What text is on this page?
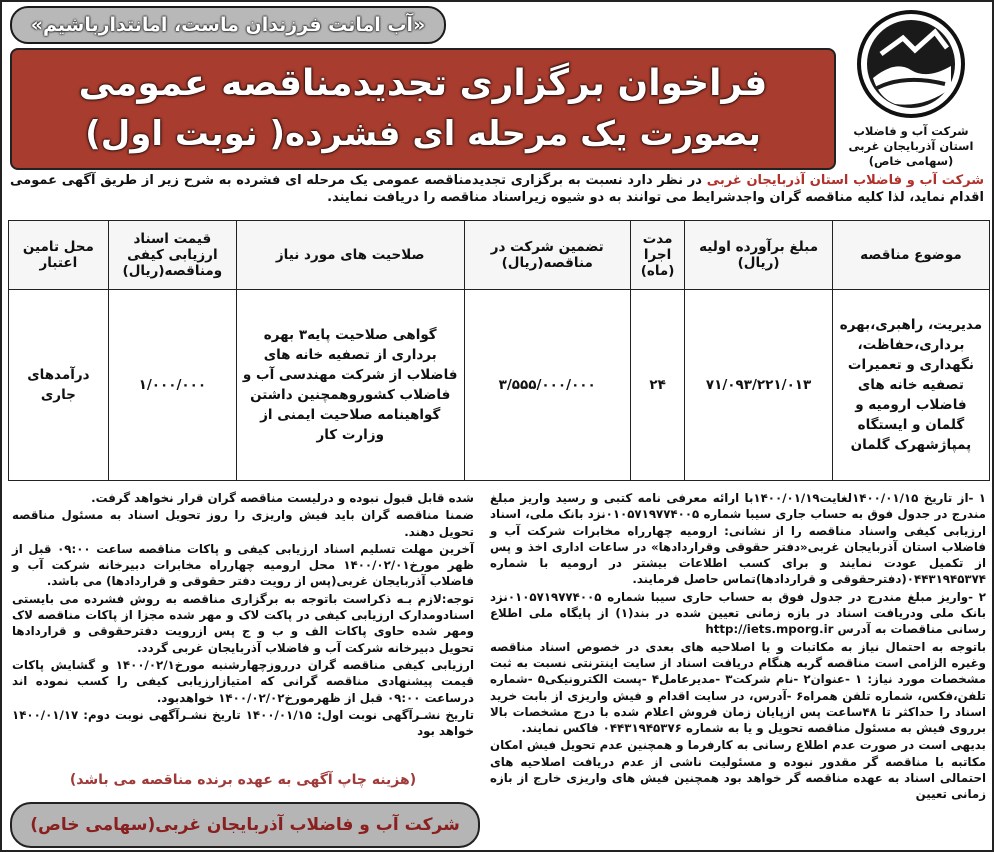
«آب امانت فرزندان ماست، امانتدارباشیم»
فراخوان برگزاری تجدیدمناقصه عمومی
بصورت یک مرحله ای فشرده( نوبت اول)	شرکت آب و فاضلاب
استان آذربایجان غربی
(سهامی خاص)
شرکت آب و فاضلاب استان آذربایجان غربی در نظر دارد نسبت به برگزاری تجدیدمناقصه عمومی یک مرحله ای فشرده به شرح زیر از طریق آگهی عمومی اقدام نماید، لذا کلیه مناقصه گران واجدشرایط می توانند به دو شیوه زیراسناد مناقصه را دریافت نمایند.
موضوع مناقصه	مبلغ برآورده اولیه (ریال)	مدت اجرا (ماه)	تضمین شرکت در مناقصه(ریال)	صلاحیت های مورد نیاز	قیمت اسناد ارزیابی کیفی ومناقصه(ریال)	محل تامین اعتبار
مدیریت، راهبری،بهره برداری،حفاظت، نگهداری و تعمیرات تصفیه خانه های فاضلاب ارومیه و گلمان و ایستگاه پمپاژشهرک گلمان	۷۱/۰۹۳/۲۲۱/۰۱۳	۲۴	۳/۵۵۵/۰۰۰/۰۰۰	گواهی صلاحیت پایه۳ بهره برداری از تصفیه خانه های فاضلاب از شرکت مهندسی آب و فاضلاب کشوروهمچنین داشتن گواهینامه صلاحیت ایمنی از وزارت کار	۱/۰۰۰/۰۰۰	درآمدهای جاری

۱ -از تاریخ ۱۴۰۰/۰۱/۱۵لغایت۱۴۰۰/۰۱/۱۹با ارائه معرفی نامه کتبی و رسید واریز مبلغ مندرج در جدول فوق به حساب جاری سیبا شماره ۰۱۰۵۷۱۹۷۷۴۰۰۵نزد بانک ملی، اسناد ارزیابی کیفی واسناد مناقصه را از نشانی: ارومیه چهارراه مخابرات شرکت آب و فاضلاب استان آذربایجان غربی«دفتر حقوقی وقراردادها» در ساعات اداری اخذ و پس از تکمیل عودت نمایند و برای کسب اطلاعات بیشتر در ارومیه با شماره ۰۴۴۳۱۹۴۵۳۷۴(دفترحقوقی و قراردادها)تماس حاصل فرمایند.

۲ -واریز مبلغ مندرج در جدول فوق به حساب حاری سیبا شماره ۰۱۰۵۷۱۹۷۷۴۰۰۵نزد بانک ملی ودریافت اسناد در بازه زمانی تعیین شده در بند(۱) از پایگاه ملی اطلاع رسانی مناقصات به آدرس http://iets.mporg.ir

باتوجه به احتمال نیاز به مکاتبات و یا اصلاحیه های بعدی در خصوص اسناد مناقصه وغیره الزامی است مناقصه گربه هنگام دریافت اسناد از سایت اینترنتی نسبت به ثبت مشخصات مورد نیاز: ۱ -عنوان۲ -نام شرکت۳ -مدیرعامل۴ -پست الکترونیکی۵ -شماره تلفن،فکس، شماره تلفن همراه۶ -آدرس، در سایت اقدام و فیش واریزی از بابت خرید اسناد را حداکثر تا ۴۸ساعت پس ازپایان زمان فروش اعلام شده با درج مشخصات بالا برروی فیش به مسئول مناقصه تحویل و یا به شماره ۰۴۴۳۱۹۴۵۳۷۶ فاکس نمایند.

بدیهی است در صورت عدم اطلاع رسانی به کارفرما و همچنین عدم تحویل فیش امکان مکاتبه با مناقصه گر مقدور نبوده و مسئولیت ناشی از عدم دریافت اصلاحیه های احتمالی اسناد به عهده مناقصه گر خواهد بود همچنین فیش های واریزی خارج از بازه زمانی تعیین

شده قابل قبول نبوده و درلیست مناقصه گران قرار نخواهد گرفت.

ضمنا مناقصه گران باید فیش واریزی را روز تحویل اسناد به مسئول مناقصه تحویل دهند.

آخرین مهلت تسلیم اسناد ارزیابی کیفی و پاکات مناقصه ساعت ۰۹:۰۰ قبل از ظهر مورخ۱۴۰۰/۰۲/۰۱ محل ارومیه چهارراه مخابرات دبیرخانه شرکت آب و فاضلاب آذربایجان غربی(پس از رویت دفتر حقوقی و قراردادها) می باشد.

توجه:لازم بـه ذکراست باتوجه به برگزاری مناقصه به روش فشرده می بایستی اسنادومدارک ارزیابی کیفی در پاکت لاک و مهر شده مجزا از پاکات مناقصه لاک ومهر شده حاوی پاکات الف و ب و ج پس ازرویت دفترحقوقی و قراردادها تحویل دبیرخانه شرکت آب و فاضلاب آذربایجان غربی گردد.

ارزیابی کیفی مناقصه گران درروزچهارشنبه مورخ۱۴۰۰/۰۲/۱ و گشایش پاکات قیمت پیشنهادی مناقصه گرانی که امتیازارزیابی کیفی را کسب نموده اند درساعت ۰۹:۰۰ قبل از ظهرمورخ۱۴۰۰/۰۲/۰۲ خواهدبود.

تاریخ نشـرآگهی نوبت اول: ۱۴۰۰/۰۱/۱۵ تاریخ نشـرآگهی نوبت دوم: ۱۴۰۰/۰۱/۱۷ خواهد بود

(هزینه چاپ آگهی به عهده برنده مناقصه می باشد)
شرکت آب و فاضلاب آذربایجان غربی(سهامی خاص)
